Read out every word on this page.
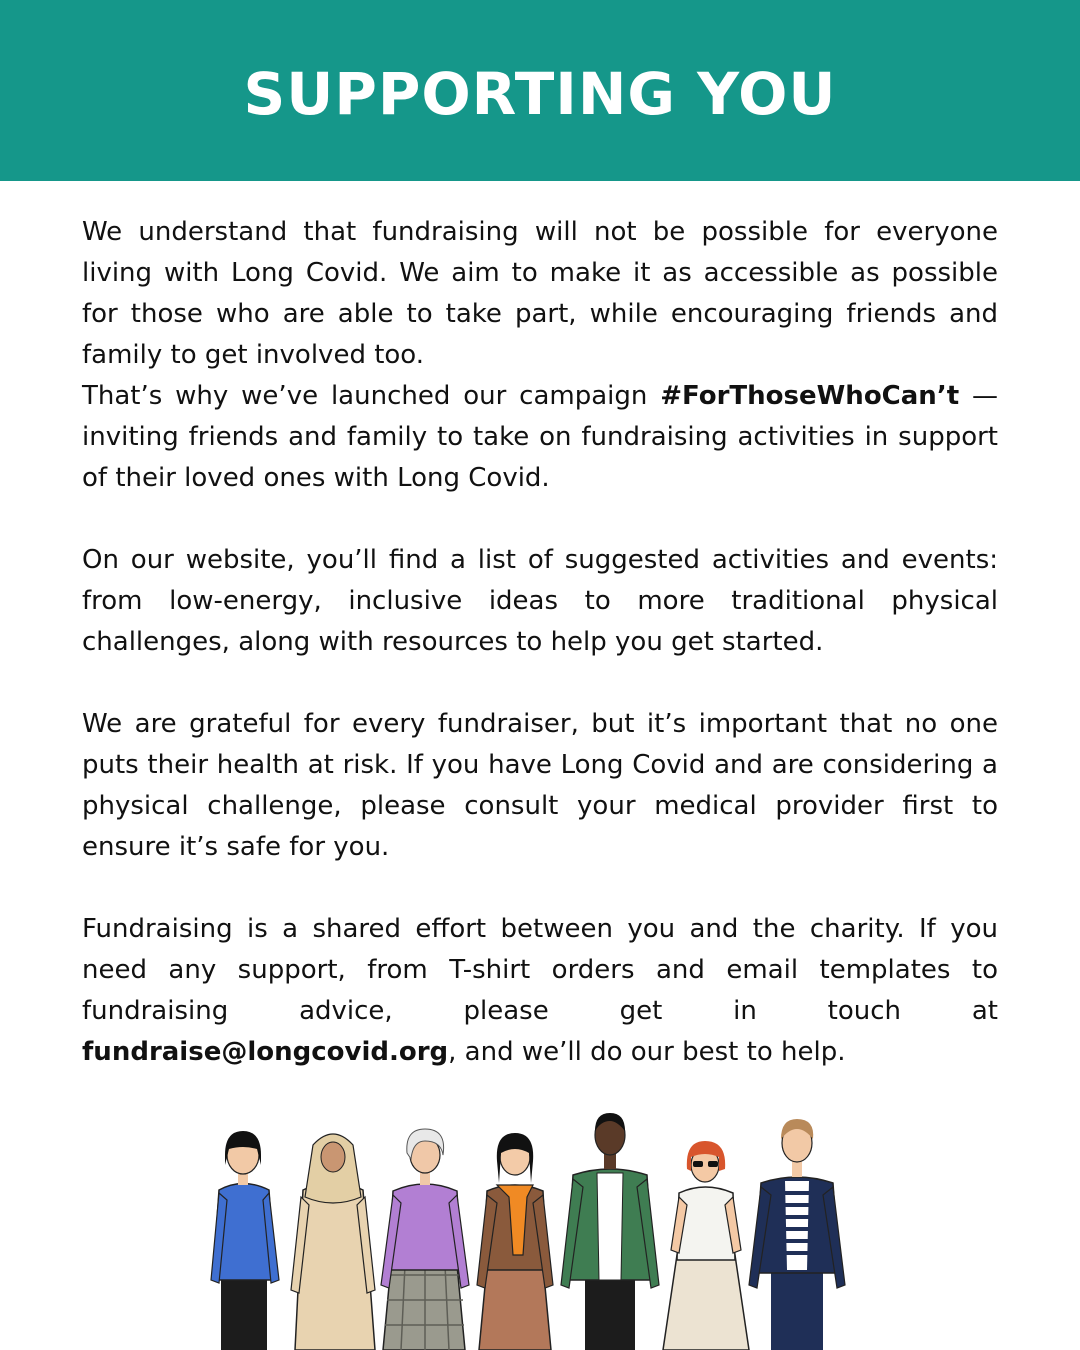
SUPPORTING YOU

We understand that fundraising will not be possible for everyone living with Long Covid. We aim to make it as accessible as possible for those who are able to take part, while encouraging friends and family to get involved too.

That’s why we’ve launched our campaign #ForThoseWhoCan’t — inviting friends and family to take on fundraising activities in support of their loved ones with Long Covid.

On our website, you’ll find a list of suggested activities and events: from low-energy, inclusive ideas to more traditional physical challenges, along with resources to help you get started.

We are grateful for every fundraiser, but it’s important that no one puts their health at risk. If you have Long Covid and are considering a physical challenge, please consult your medical provider first to ensure it’s safe for you.

Fundraising is a shared effort between you and the charity. If you need any support, from T-shirt orders and email templates to fundraising advice, please get in touch at fundraise@longcovid.org, and we’ll do our best to help.
